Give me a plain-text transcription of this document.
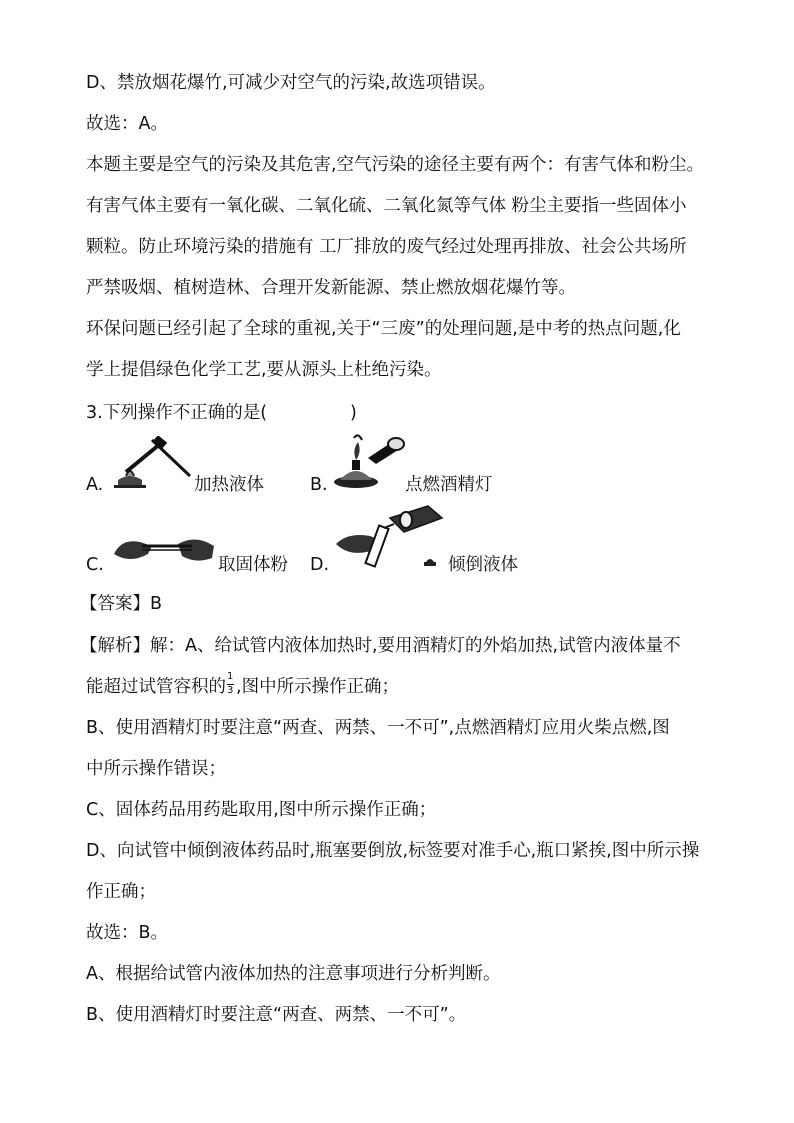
D、禁放烟花爆竹,可减少对空气的污染,故选项错误。
故选：A。
本题主要是空气的污染及其危害,空气污染的途径主要有两个：有害气体和粉尘。
有害气体主要有一氧化碳、二氧化硫、二氧化氮等气体 粉尘主要指一些固体小
颗粒。防止环境污染的措施有 工厂排放的废气经过处理再排放、社会公共场所
严禁吸烟、植树造林、合理开发新能源、禁止燃放烟花爆竹等。
环保问题已经引起了全球的重视,关于“三废”的处理问题,是中考的热点问题,化
学上提倡绿色化学工艺,要从源头上杜绝污染。
3.下列操作不正确的是(	)
A.	加热液体	B.	点燃酒精灯
C.	取固体粉 D.	倾倒液体
【答案】B
【解析】解：A、给试管内液体加热时,要用酒精灯的外焰加热,试管内液体量不
能超过试管容积的 $\frac{1}{3}$ ,图中所示操作正确；
B、使用酒精灯时要注意“两查、两禁、一不可”,点燃酒精灯应用火柴点燃,图
中所示操作错误；
C、固体药品用药匙取用,图中所示操作正确；
D、向试管中倾倒液体药品时,瓶塞要倒放,标签要对准手心,瓶口紧挨,图中所示操
作正确；
故选：B。
A、根据给试管内液体加热的注意事项进行分析判断。
B、使用酒精灯时要注意“两查、两禁、一不可”。
